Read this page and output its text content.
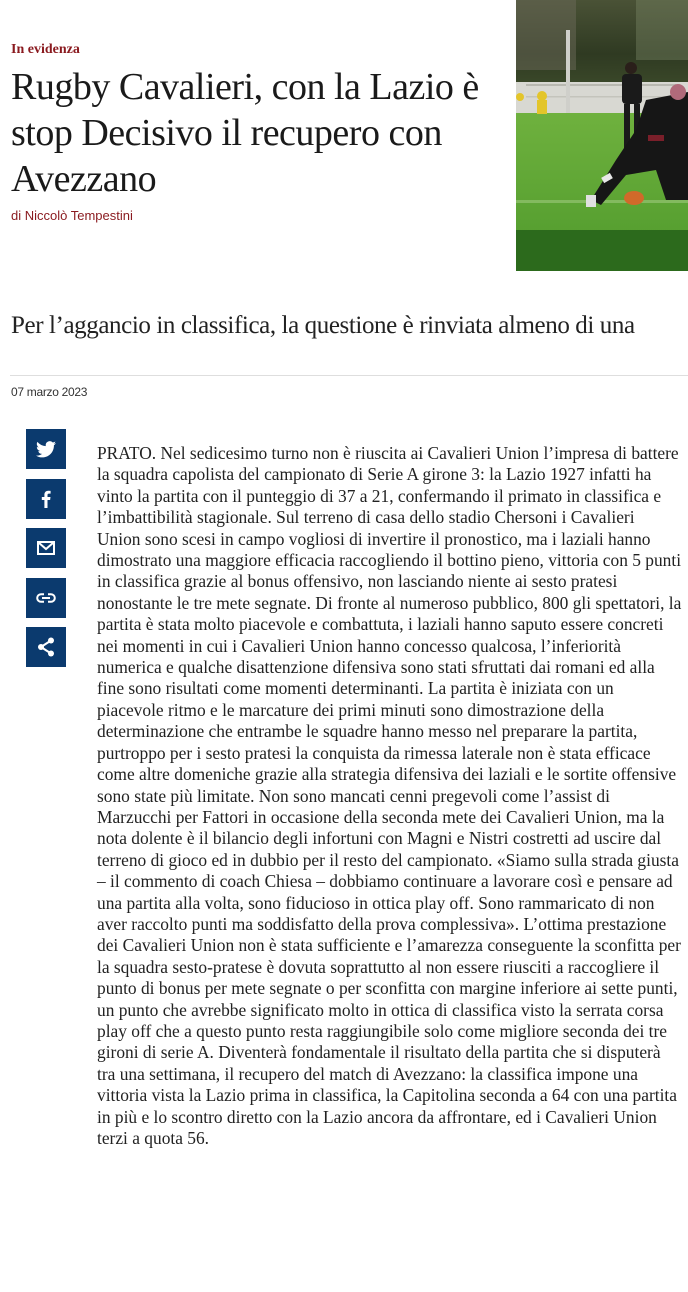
In evidenza
Rugby Cavalieri, con la Lazio è stop Decisivo il recupero con Avezzano
di Niccolò Tempestini
Per l’aggancio in classifica, la questione è rinviata almeno di una
07 marzo 2023

PRATO. Nel sedicesimo turno non è riuscita ai Cavalieri Union l’impresa di battere la squadra capolista del campionato di Serie A girone 3: la Lazio 1927 infatti ha vinto la partita con il punteggio di 37 a 21, confermando il primato in classifica e l’imbattibilità stagionale. Sul terreno di casa dello stadio Chersoni i Cavalieri Union sono scesi in campo vogliosi di invertire il pronostico, ma i laziali hanno dimostrato una maggiore efficacia raccogliendo il bottino pieno, vittoria con 5 punti in classifica grazie al bonus offensivo, non lasciando niente ai sesto pratesi nonostante le tre mete segnate. Di fronte al numeroso pubblico, 800 gli spettatori, la partita è stata molto piacevole e combattuta, i laziali hanno saputo essere concreti nei momenti in cui i Cavalieri Union hanno concesso qualcosa, l’inferiorità numerica e qualche disattenzione difensiva sono stati sfruttati dai romani ed alla fine sono risultati come momenti determinanti. La partita è iniziata con un piacevole ritmo e le marcature dei primi minuti sono dimostrazione della determinazione che entrambe le squadre hanno messo nel preparare la partita, purtroppo per i sesto pratesi la conquista da rimessa laterale non è stata efficace come altre domeniche grazie alla strategia difensiva dei laziali e le sortite offensive sono state più limitate. Non sono mancati cenni pregevoli come l’assist di Marzucchi per Fattori in occasione della seconda mete dei Cavalieri Union, ma la nota dolente è il bilancio degli infortuni con Magni e Nistri costretti ad uscire dal terreno di gioco ed in dubbio per il resto del campionato. «Siamo sulla strada giusta – il commento di coach Chiesa – dobbiamo continuare a lavorare così e pensare ad una partita alla volta, sono fiducioso in ottica play off. Sono rammaricato di non aver raccolto punti ma soddisfatto della prova complessiva». L’ottima prestazione dei Cavalieri Union non è stata sufficiente e l’amarezza conseguente la sconfitta per la squadra sesto-pratese è dovuta soprattutto al non essere riusciti a raccogliere il punto di bonus per mete segnate o per sconfitta con margine inferiore ai sette punti, un punto che avrebbe significato molto in ottica di classifica visto la serrata corsa play off che a questo punto resta raggiungibile solo come migliore seconda dei tre gironi di serie A. Diventerà fondamentale il risultato della partita che si disputerà tra una settimana, il recupero del match di Avezzano: la classifica impone una vittoria vista la Lazio prima in classifica, la Capitolina seconda a 64 con una partita in più e lo scontro diretto con la Lazio ancora da affrontare, ed i Cavalieri Union terzi a quota 56.
